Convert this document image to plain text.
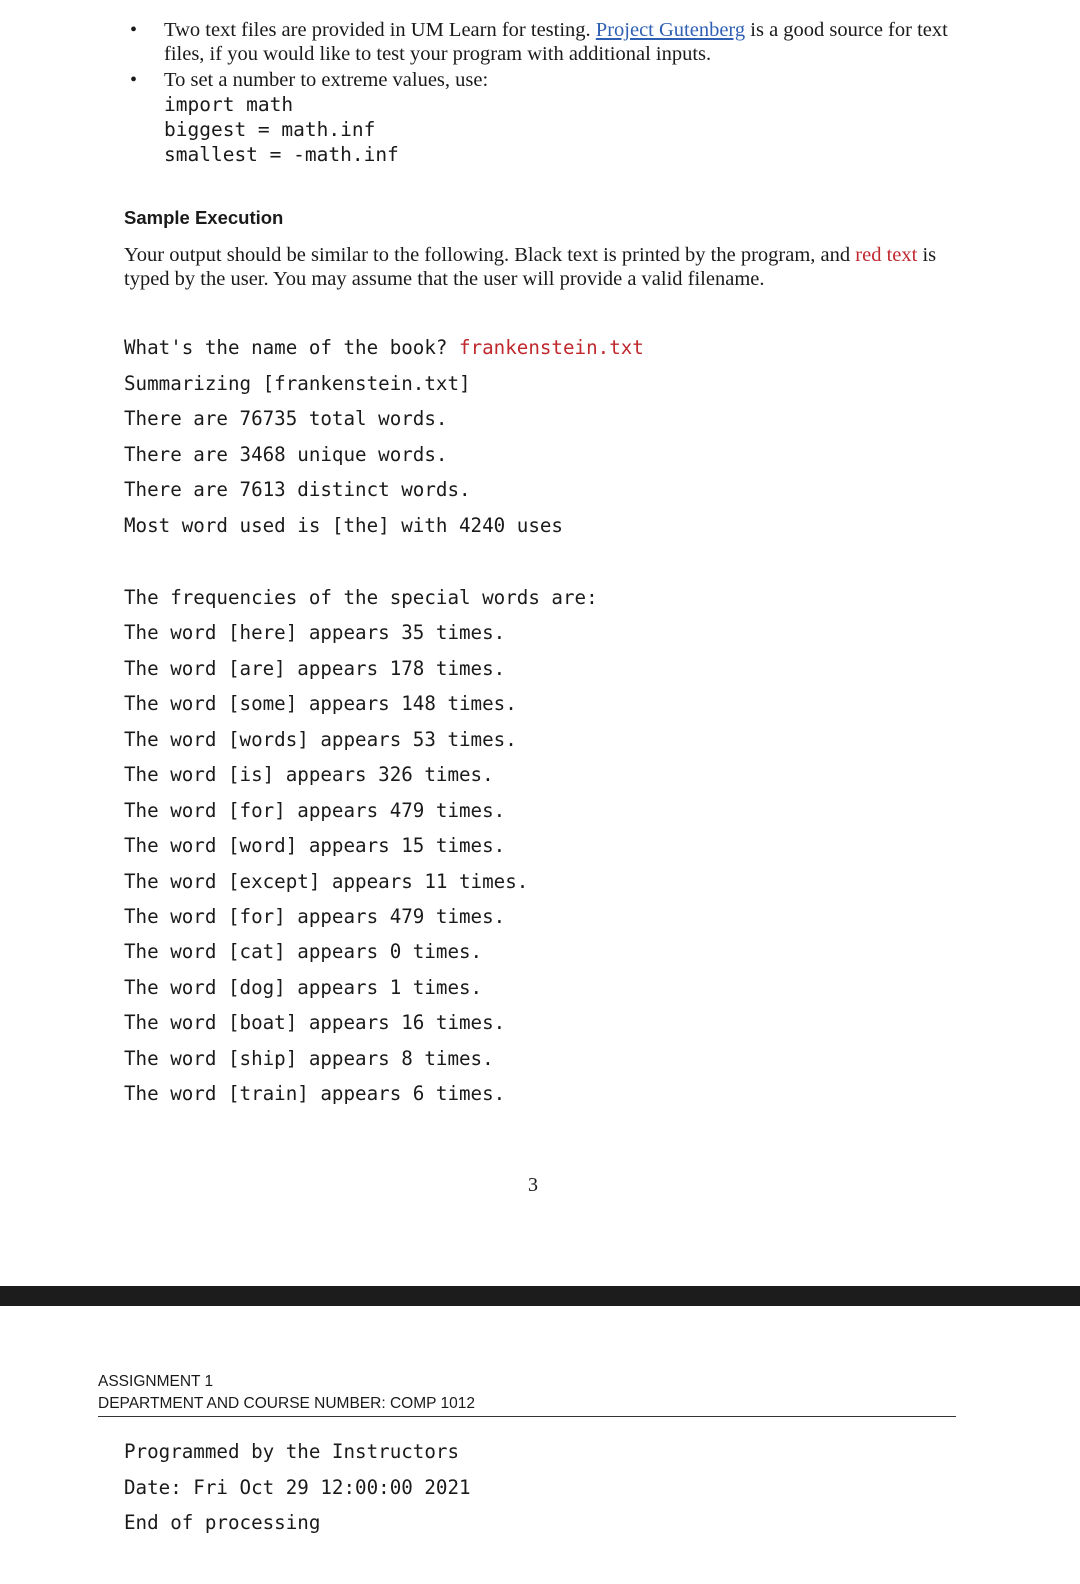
• Two text files are provided in UM Learn for testing. Project Gutenberg is a good source for text files, if you would like to test your program with additional inputs.
• To set a number to extreme values, use:
import math
biggest = math.inf
smallest = -math.inf
Sample Execution
Your output should be similar to the following. Black text is printed by the program, and red text is typed by the user. You may assume that the user will provide a valid filename.
What's the name of the book? frankenstein.txt
Summarizing [frankenstein.txt]
There are 76735 total words.
There are 3468 unique words.
There are 7613 distinct words.
Most word used is [the] with 4240 uses
The frequencies of the special words are:
The word [here] appears 35 times.
The word [are] appears 178 times.
The word [some] appears 148 times.
The word [words] appears 53 times.
The word [is] appears 326 times.
The word [for] appears 479 times.
The word [word] appears 15 times.
The word [except] appears 11 times.
The word [for] appears 479 times.
The word [cat] appears 0 times.
The word [dog] appears 1 times.
The word [boat] appears 16 times.
The word [ship] appears 8 times.
The word [train] appears 6 times.
3
ASSIGNMENT 1
DEPARTMENT AND COURSE NUMBER: COMP 1012
Programmed by the Instructors
Date: Fri Oct 29 12:00:00 2021
End of processing
